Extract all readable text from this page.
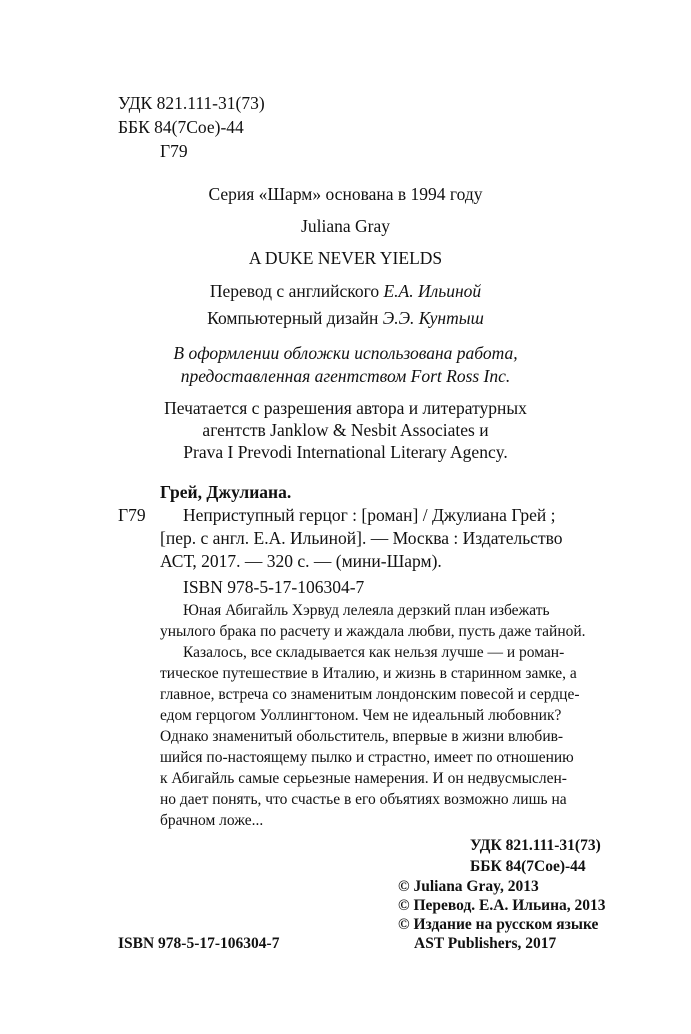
УДК 821.111-31(73)
ББК 84(7Сое)-44
Г79
Серия «Шарм» основана в 1994 году
Juliana Gray
A DUKE NEVER YIELDS
Перевод с английского Е.А. Ильиной
Компьютерный дизайн Э.Э. Кунтыш
В оформлении обложки использована работа,
предоставленная агентством Fort Ross Inc.
Печатается с разрешения автора и литературных
агентств Janklow & Nesbit Associates и
Prava I Prevodi International Literary Agency.
Грей, Джулиана.
Г79 Неприступный герцог : [роман] / Джулиана Грей ;
[пер. с англ. Е.А. Ильиной]. — Москва : Издательство
АСТ, 2017. — 320 с. — (мини-Шарм).
ISBN 978-5-17-106304-7
Юная Абигайль Хэрвуд лелеяла дерзкий план избежать
унылого брака по расчету и жаждала любви, пусть даже тайной.
Казалось, все складывается как нельзя лучше — и роман-
тическое путешествие в Италию, и жизнь в старинном замке, а
главное, встреча со знаменитым лондонским повесой и сердце-
едом герцогом Уоллингтоном. Чем не идеальный любовник?
Однако знаменитый обольститель, впервые в жизни влюбив-
шийся по-настоящему пылко и страстно, имеет по отношению
к Абигайль самые серьезные намерения. И он недвусмыслен-
но дает понять, что счастье в его объятиях возможно лишь на
брачном ложе...
УДК 821.111-31(73)
ББК 84(7Сое)-44
© Juliana Gray, 2013
© Перевод. Е.А. Ильина, 2013
© Издание на русском языке
AST Publishers, 2017
ISBN 978-5-17-106304-7
